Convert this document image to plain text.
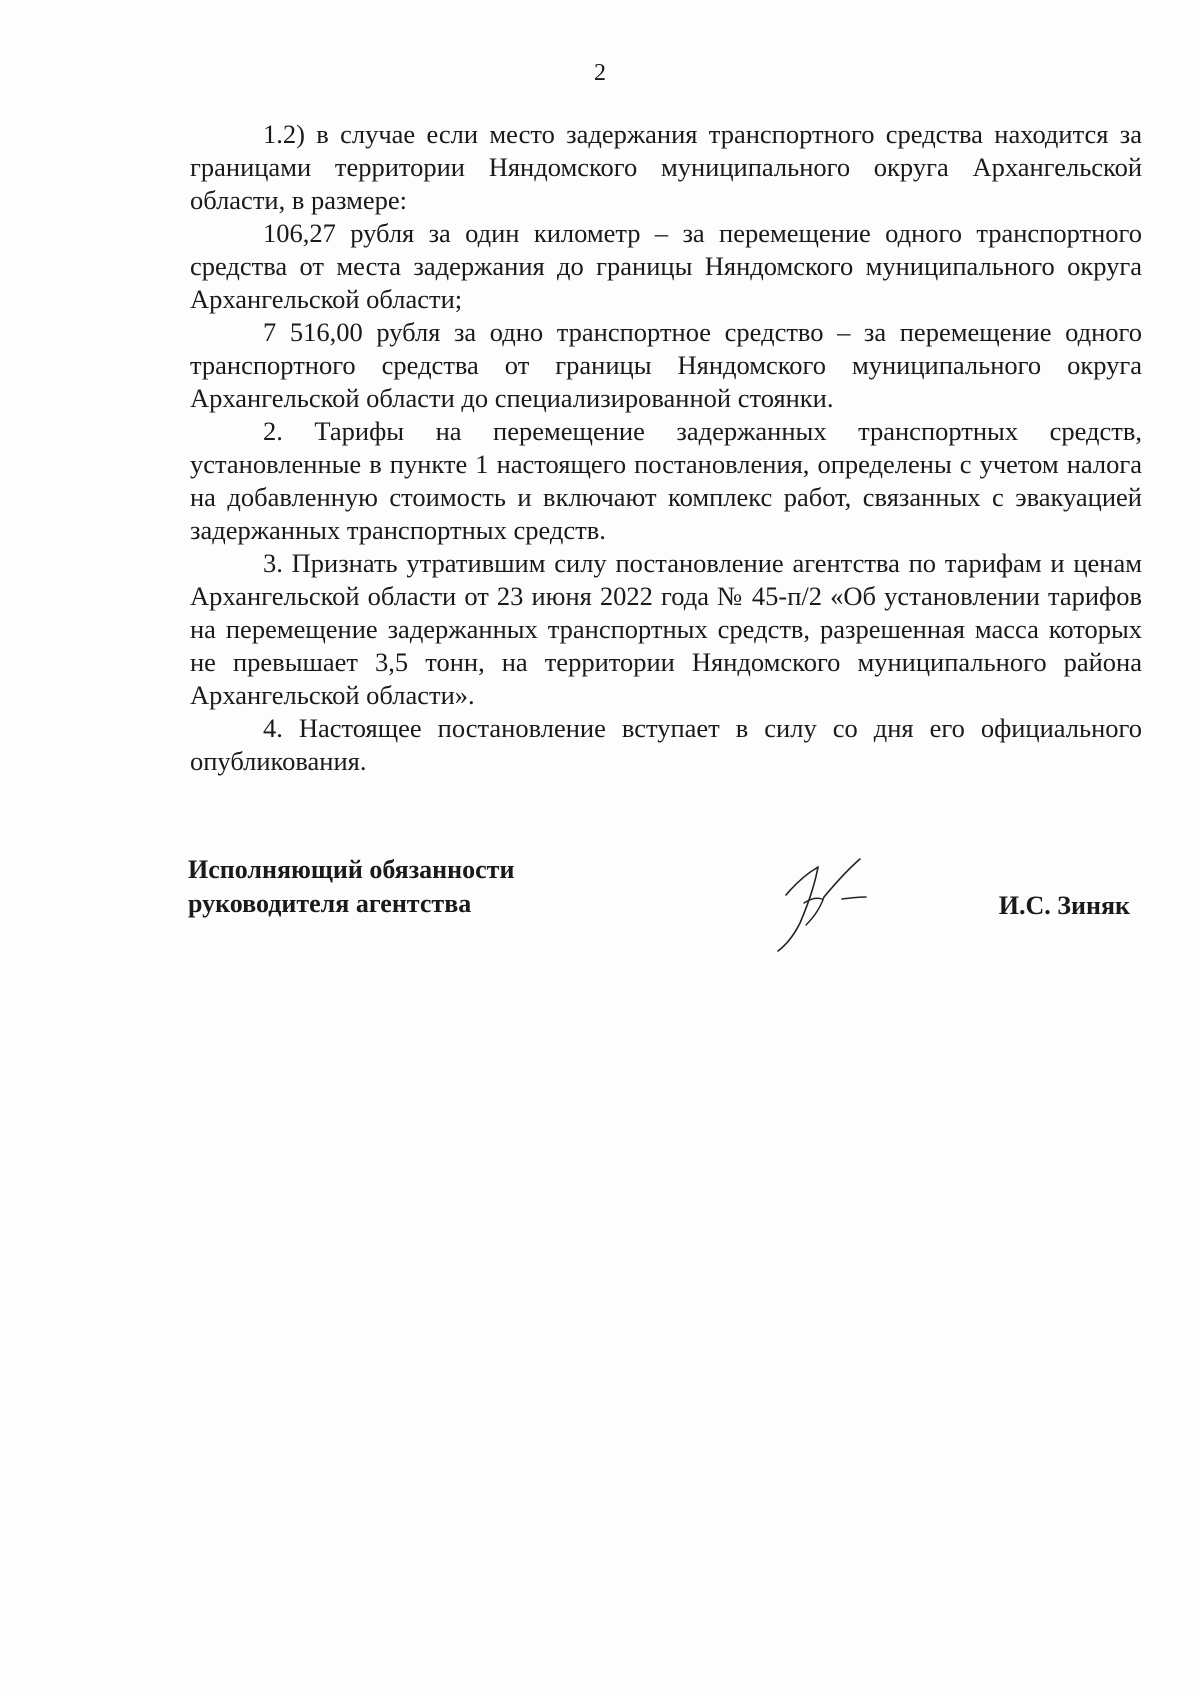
2

1.2) в случае если место задержания транспортного средства находится за границами территории Няндомского муниципального округа Архангельской области, в размере:

106,27 рубля за один километр – за перемещение одного транспортного средства от места задержания до границы Няндомского муниципального округа Архангельской области;

7 516,00 рубля за одно транспортное средство – за перемещение одного транспортного средства от границы Няндомского муниципального округа Архангельской области до специализированной стоянки.

2. Тарифы на перемещение задержанных транспортных средств, установленные в пункте 1 настоящего постановления, определены с учетом налога на добавленную стоимость и включают комплекс работ, связанных с эвакуацией задержанных транспортных средств.

3. Признать утратившим силу постановление агентства по тарифам и ценам Архангельской области от 23 июня 2022 года № 45-п/2 «Об установлении тарифов на перемещение задержанных транспортных средств, разрешенная масса которых не превышает 3,5 тонн, на территории Няндомского муниципального района Архангельской области».

4. Настоящее постановление вступает в силу со дня его официального опубликования.

Исполняющий обязанности
руководителя агентства	И.С. Зиняк
